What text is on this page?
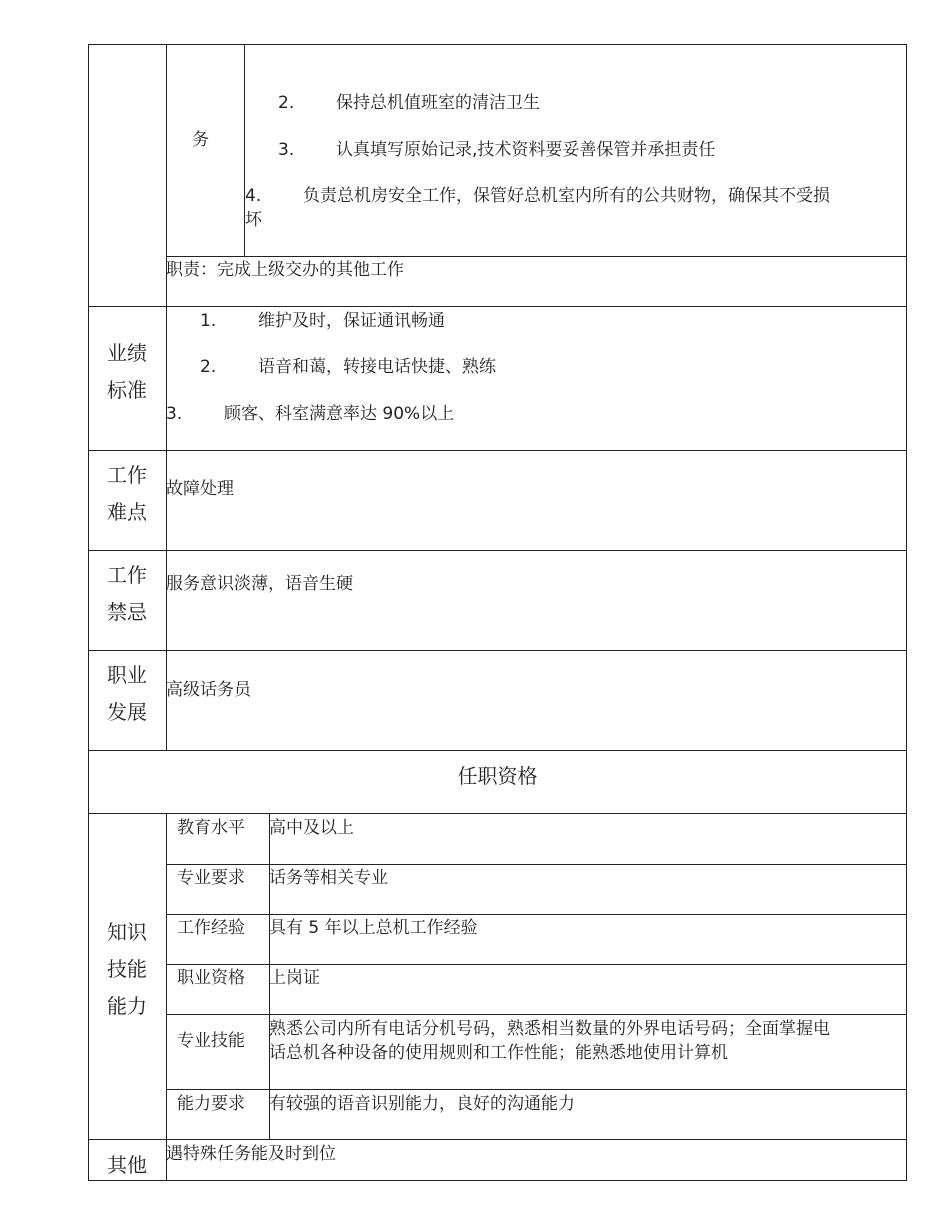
务
2. 保持总机值班室的清洁卫生
3. 认真填写原始记录,技术资料要妥善保管并承担责任
4. 负责总机房安全工作，保管好总机室内所有的公共财物，确保其不受损
坏
职责：完成上级交办的其他工作
业绩
标准
1. 维护及时，保证通讯畅通
2. 语音和蔼，转接电话快捷、熟练
3. 顾客、科室满意率达 90%以上
工作
难点
故障处理
工作
禁忌
服务意识淡薄，语音生硬
职业
发展
高级话务员
任职资格
知识
技能
能力
教育水平 高中及以上
专业要求 话务等相关专业
工作经验 具有 5 年以上总机工作经验
职业资格 上岗证
专业技能
熟悉公司内所有电话分机号码，熟悉相当数量的外界电话号码；全面掌握电
话总机各种设备的使用规则和工作性能；能熟悉地使用计算机
能力要求 有较强的语音识别能力，良好的沟通能力
其他	遇特殊任务能及时到位
